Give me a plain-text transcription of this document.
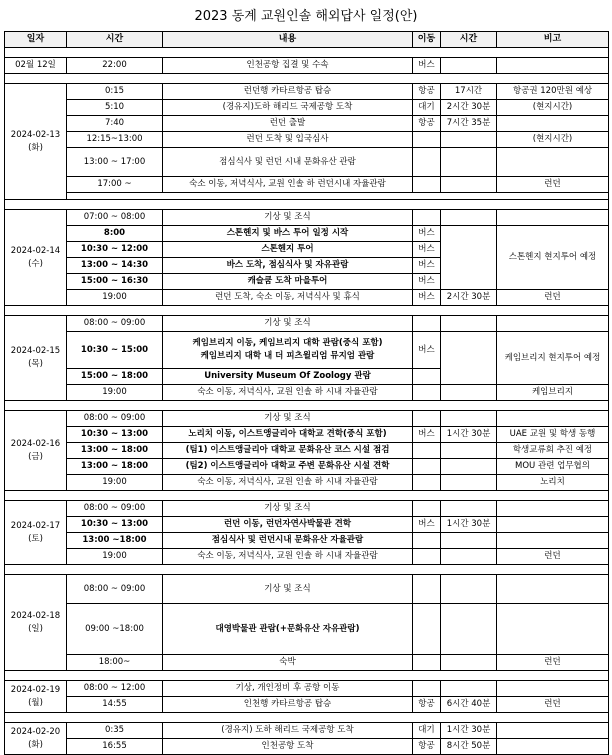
2023 동계 교원인솔 해외답사 일정(안)
일자	시간	내용	이동	시간	비고

02월 12일	22:00	인천공항 집결 및 수속	버스		

2024-02-13
(화)	0:15	런던행 카타르항공 탑승	항공	17시간	항공권 120만원 예상
	5:10	(경유지)도하 해리드 국제공항 도착	대기	2시간 30분	(현지시간)
	7:40	런던 출발	항공	7시간 35분	
	12:15~13:00	런던 도착 및 입국심사			(현지시간)
	13:00 ~ 17:00	점심식사 및 런던 시내 문화유산 관람			
	17:00 ~	숙소 이동, 저녁식사, 교원 인솔 하 런던시내 자율관람			런던

2024-02-14
(수)	07:00 ~ 08:00	기상 및 조식			
	8:00	스톤헨지 및 바스 투어 일정 시작	버스		스톤헨지 현지투어 예정
	10:30 ~ 12:00	스톤헨지 투어	버스		
	13:00 ~ 14:30	바스 도착, 점심식사 및 자유관람	버스		
	15:00 ~ 16:30	캐슬쿰 도착 마을투어	버스		
	19:00	런던 도착, 숙소 이동, 저녁식사 및 휴식	버스	2시간 30분	런던

2024-02-15
(목)	08:00 ~ 09:00	기상 및 조식			
	10:30 ~ 15:00	케임브리지 이동, 케임브리지 대학 관람(중식 포함)
케임브리지 대학 내 더 피츠윌리엄 뮤지엄 관람	버스		케임브리지 현지투어 예정
	15:00 ~ 18:00	University Museum Of Zoology 관람			
	19:00	숙소 이동, 저녁식사, 교원 인솔 하 시내 자율관람			케임브리지

2024-02-16
(금)	08:00 ~ 09:00	기상 및 조식			
	10:30 ~ 13:00	노리치 이동, 이스트앵글리아 대학교 견학(중식 포함)	버스	1시간 30분	UAE 교원 및 학생 동행
	13:00 ~ 18:00	(팀1) 이스트앵글리아 대학교 문화유산 코스 시설 점검			학생교류회 추진 예정
	13:00 ~ 18:00	(팀2) 이스트앵글리아 대학교 주변 문화유산 시설 견학			MOU 관련 업무협의
	19:00	숙소 이동, 저녁식사, 교원 인솔 하 시내 자율관람			노리치

2024-02-17
(토)	08:00 ~ 09:00	기상 및 조식			
	10:30 ~ 13:00	런던 이동, 런던자연사박물관 견학	버스	1시간 30분	
	13:00 ~18:00	점심식사 및 런던시내 문화유산 자율관람			
	19:00	숙소 이동, 저녁식사, 교원 인솔 하 시내 자율관람			런던

2024-02-18
(일)	08:00 ~ 09:00	기상 및 조식			
	09:00 ~18:00	대영박물관 관람(+문화유산 자유관람)			
	18:00~	숙박			런던

2024-02-19
(월)	08:00 ~ 12:00	기상, 개인정비 후 공항 이동			
	14:55	인천행 카타르항공 탑승	항공	6시간 40분	런던

2024-02-20
(화)	0:35	(경유지) 도하 해리드 국제공항 도착	대기	1시간 30분	
	16:55	인천공항 도착	항공	8시간 50분	
